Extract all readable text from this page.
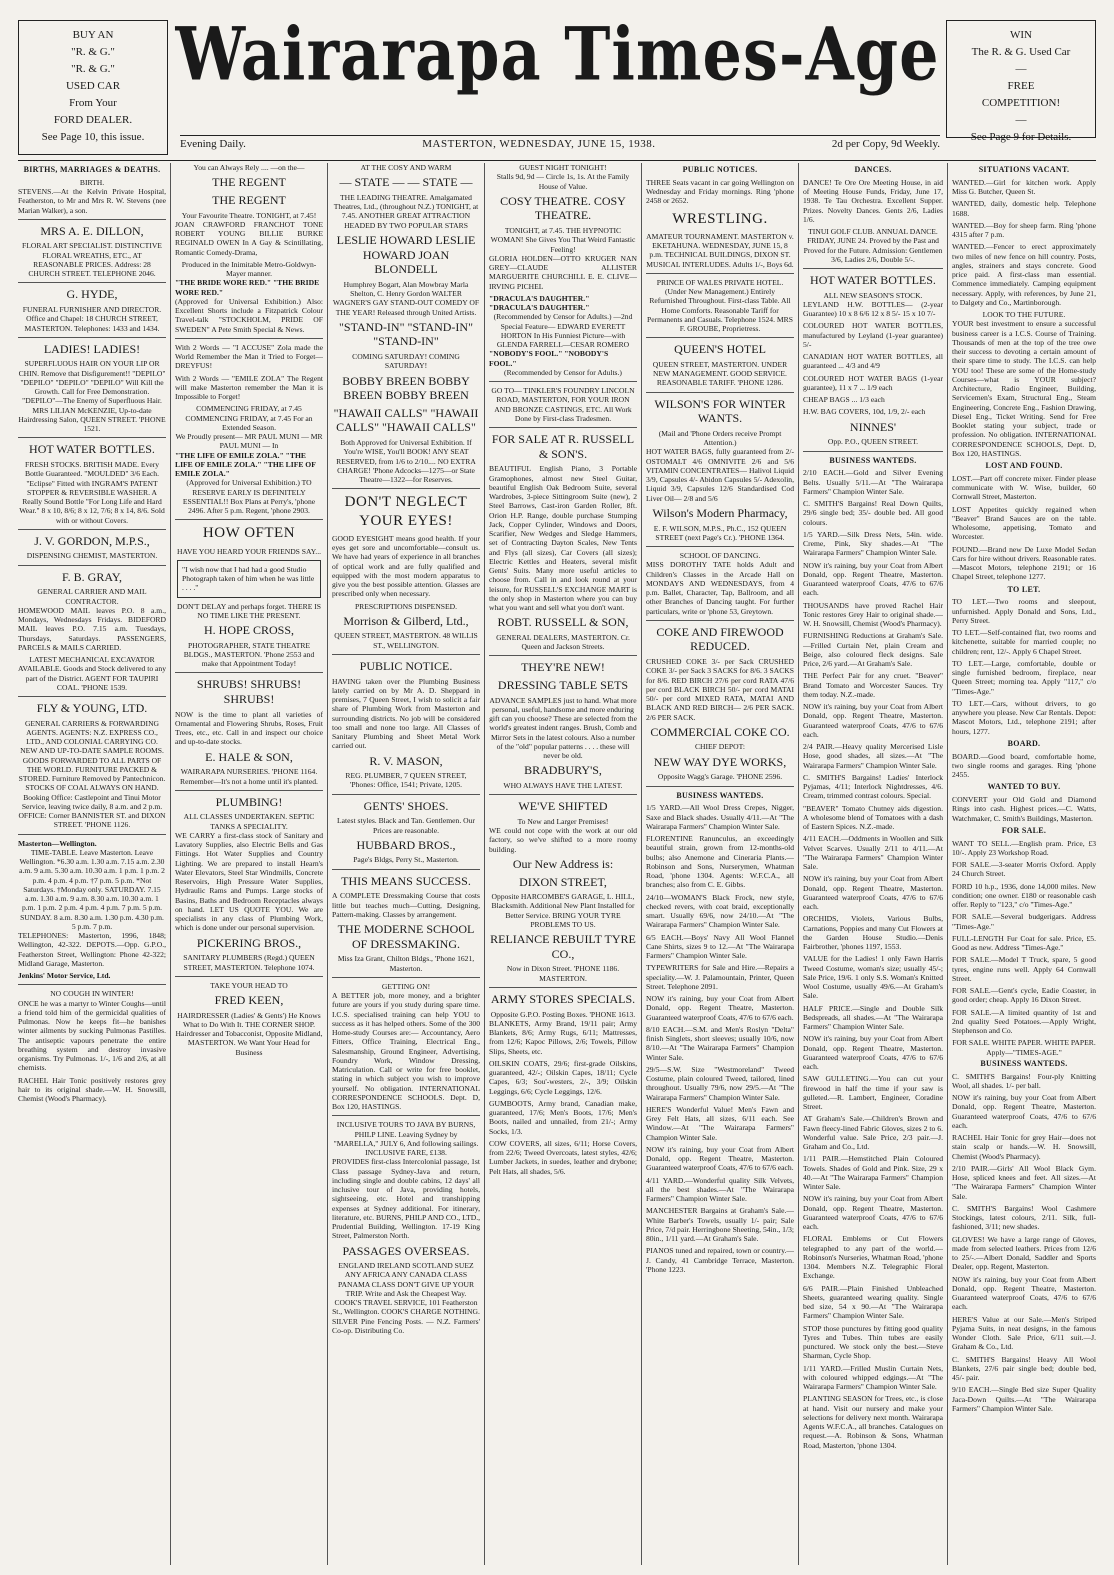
BUY AN
"R. & G."
"R. & G."
USED CAR
From Your
FORD DEALER.
See Page 10, this issue.
Wairarapa Times-Age	WIN
The R. & G. Used Car
—
FREE
COMPETITION!
—
See Page 9 for Details.
Evening Daily.	MASTERTON, WEDNESDAY, JUNE 15, 1938.	2d per Copy, 9d Weekly.
BIRTHS, MARRIAGES & DEATHS.
BIRTH.

STEVENS.—At the Kelvin Private Hospital, Featherston, to Mr and Mrs R. W. Stevens (nee Marian Walker), a son.

MRS A. E. DILLON,
FLORAL ART SPECIALIST. DISTINCTIVE FLORAL WREATHS, ETC., AT REASONABLE PRICES. Address: 28 CHURCH STREET. TELEPHONE 2046.
G. HYDE,
FUNERAL FURNISHER AND DIRECTOR. Office and Chapel: 18 CHURCH STREET, MASTERTON. Telephones: 1433 and 1434.
LADIES! LADIES!
SUPERFLUOUS HAIR ON YOUR LIP OR CHIN. Remove that Disfigurement!! "DEPILO" "DEPILO" "DEPILO" "DEPILO" Will Kill the Growth. Call for Free Demonstration. "DEPILO"—The Enemy of Superfluous Hair. MRS LILIAN McKENZIE, Up-to-date Hairdressing Salon, QUEEN STREET. 'PHONE 1521.
HOT WATER BOTTLES.
FRESH STOCKS. BRITISH MADE. Every Bottle Guaranteed. "MOULDED" 3/6 Each. "Eclipse" Fitted with INGRAM'S PATENT STOPPER & REVERSIBLE WASHER. A Really Sound Bottle "For Long Life and Hard Wear." 8 x 10, 8/6; 8 x 12, 7/6; 8 x 14, 8/6. Sold with or without Covers.
J. V. GORDON, M.P.S.,
DISPENSING CHEMIST, MASTERTON.
F. B. GRAY,
GENERAL CARRIER AND MAIL CONTRACTOR.

HOMEWOOD MAIL leaves P.O. 8 a.m., Mondays, Wednesdays Fridays. BIDEFORD MAIL leaves P.O. 7.15 a.m. Tuesdays, Thursdays, Saturdays. PASSENGERS, PARCELS & MAILS CARRIED.

LATEST MECHANICAL EXCAVATOR AVAILABLE. Goods and Stock delivered to any part of the District. AGENT FOR TAUPIRI COAL. 'PHONE 1539.
FLY & YOUNG, LTD.
GENERAL CARRIERS & FORWARDING AGENTS. AGENTS: N.Z. EXPRESS CO., LTD., AND COLONIAL CARRYING CO. NEW AND UP-TO-DATE SAMPLE ROOMS. GOODS FORWARDED TO ALL PARTS OF THE WORLD. FURNITURE PACKED & STORED. Furniture Removed by Pantechnicon.
STOCKS OF COAL ALWAYS ON HAND. Booking Office: Castlepoint and Tinui Motor Service, leaving twice daily, 8 a.m. and 2 p.m. OFFICE: Corner BANNISTER ST. and DIXON STREET. 'PHONE 1126.
Masterton—Wellington.
TIME-TABLE. Leave Masterton. Leave Wellington. *6.30 a.m. 1.30 a.m. 7.15 a.m. 2.30 a.m. 9 a.m. 5.30 a.m. 10.30 a.m. 1 p.m. 1 p.m. 2 p.m. 4 p.m. 4 p.m. †7 p.m. 5 p.m. *Not Saturdays. †Monday only. SATURDAY. 7.15 a.m. 1.30 a.m. 9 a.m. 8.30 a.m. 10.30 a.m. 1 p.m. 1 p.m. 2 p.m. 4 p.m. 4 p.m. 7 p.m. 5 p.m. SUNDAY. 8 a.m. 8.30 a.m. 1.30 p.m. 4.30 p.m. 5 p.m. 7 p.m.

TELEPHONES: Masterton, 1996, 1848; Wellington, 42-322. DEPOTS.—Opp. G.P.O., Featherston Street, Wellington: Phone 42-322; Midland Garage, Masterton.

Jenkins' Motor Service, Ltd.
NO COUGH IN WINTER!

ONCE he was a martyr to Winter Coughs—until a friend told him of the germicidal qualities of Pulmonas. Now he keeps fit—he banishes winter ailments by sucking Pulmonas Pastilles. The antiseptic vapours penetrate the entire breathing system and destroy invasive organisms. Try Pulmonas. 1/-, 1/6 and 2/6, at all chemists.

RACHEL Hair Tonic positively restores grey hair to its original shade.—W. H. Snowsill, Chemist (Wood's Pharmacy).

You can Always Rely .... —on the—
THE REGENT
THE REGENT
Your Favourite Theatre. TONIGHT, at 7.45!

JOAN CRAWFORD FRANCHOT TONE ROBERT YOUNG BILLIE BURKE REGINALD OWEN In A Gay & Scintillating, Romantic Comedy-Drama,

Produced in the Inimitable Metro-Goldwyn-Mayer manner.
"THE BRIDE WORE RED." "THE BRIDE WORE RED."

(Approved for Universal Exhibition.) Also: Excellent Shorts include a Fitzpatrick Colour Travel-talk "STOCKHOLM, PRIDE OF SWEDEN" A Pete Smith Special & News.

With 2 Words — "I ACCUSE" Zola made the World Remember the Man it Tried to Forget— DREYFUS!

With 2 Words — "EMILE ZOLA" The Regent will make Masterton remember the Man it is Impossible to Forget!

COMMENCING FRIDAY, at 7.45 COMMENCING FRIDAY, at 7.45 For an Extended Season.
We Proudly present— MR PAUL MUNI — MR PAUL MUNI — In
"THE LIFE OF EMILE ZOLA." "THE LIFE OF EMILE ZOLA." "THE LIFE OF EMILE ZOLA."
(Approved for Universal Exhibition.) TO RESERVE EARLY IS DEFINITELY ESSENTIAL!! Box Plans at Perry's, 'phone 2496. After 5 p.m. Regent, 'phone 2903.
HOW OFTEN
HAVE YOU HEARD YOUR FRIENDS SAY...
"I wish now that I had had a good Studio Photograph taken of him when he was little . . . ."
DON'T DELAY and perhaps forget. THERE IS NO TIME LIKE THE PRESENT.
H. HOPE CROSS,
PHOTOGRAPHER, STATE THEATRE BLDGS., MASTERTON. 'Phone 2553 and make that Appointment Today!
SHRUBS! SHRUBS! SHRUBS!

NOW is the time to plant all varieties of Ornamental and Flowering Shrubs, Roses, Fruit Trees, etc., etc. Call in and inspect our choice and up-to-date stocks.

E. HALE & SON,
WAIRARAPA NURSERIES. 'PHONE 1164. Remember—It's not a home until it's planted.
PLUMBING!
ALL CLASSES UNDERTAKEN. SEPTIC TANKS A SPECIALITY.

WE CARRY a first-class stock of Sanitary and Lavatory Supplies, also Electric Bells and Gas Fittings. Hot Water Supplies and Country Lighting. We are prepared to install Hearn's Water Elevators, Steel Star Windmills, Concrete Reservoirs, High Pressure Water Supplies, Hydraulic Rams and Pumps. Large stocks of Basins, Baths and Bedroom Receptacles always on hand. LET US QUOTE YOU. We are specialists in any class of Plumbing Work, which is done under our personal supervision.

PICKERING BROS.,
SANITARY PLUMBERS (Regd.) QUEEN STREET, MASTERTON. Telephone 1074.
TAKE YOUR HEAD TO
FRED KEEN,
HAIRDRESSER (Ladies' & Gents') He Knows What to Do With It. THE CORNER SHOP. Hairdresser and Tobacconist, Opposite Midland, MASTERTON. We Want Your Head for Business
AT THE COSY AND WARM
— STATE — — STATE —
THE LEADING THEATRE. Amalgamated Theatres, Ltd., (throughout N.Z.) TONIGHT, at 7.45. ANOTHER GREAT ATTRACTION HEADED BY TWO POPULAR STARS
LESLIE HOWARD LESLIE HOWARD JOAN BLONDELL
Humphrey Bogart, Alan Mowbray Marla Shelton, C. Henry Gordon WALTER WAGNER'S GAY STAND-OUT COMEDY OF THE YEAR! Released through United Artists.
"STAND-IN" "STAND-IN" "STAND-IN"
COMING SATURDAY! COMING SATURDAY!
BOBBY BREEN BOBBY BREEN BOBBY BREEN
"HAWAII CALLS" "HAWAII CALLS" "HAWAII CALLS"
Both Approved for Universal Exhibition. If You're WISE, You'll BOOK! ANY SEAT RESERVED, from 1/6 to 2/10.... NO EXTRA CHARGE! 'Phone Adcocks—1275—or State Theatre—1322—for Reserves.
DON'T NEGLECT YOUR EYES!

GOOD EYESIGHT means good health. If your eyes get sore and uncomfortable—consult us. We have had years of experience in all branches of optical work and are fully qualified and equipped with the most modern apparatus to give you the best possible attention. Glasses are prescribed only when necessary.

PRESCRIPTIONS DISPENSED.
Morrison & Gilberd, Ltd.,
QUEEN STREET, MASTERTON. 48 WILLIS ST., WELLINGTON.
PUBLIC NOTICE.

HAVING taken over the Plumbing Business lately carried on by Mr A. D. Sheppard in premises, 7 Queen Street, I wish to solicit a fair share of Plumbing Work from Masterton and surrounding districts. No job will be considered too small and none too large. All Classes of Sanitary Plumbing and Sheet Metal Work carried out.

R. V. MASON,
REG. PLUMBER, 7 QUEEN STREET, 'Phones: Office, 1541; Private, 1205.
GENTS' SHOES.
Latest styles. Black and Tan. Gentlemen. Our Prices are reasonable.
HUBBARD BROS.,
Page's Bldgs, Perry St., Masterton.
THIS MEANS SUCCESS.

A COMPLETE Dressmaking Course that costs little but teaches much—Cutting, Designing, Pattern-making. Classes by arrangement.

THE MODERNE SCHOOL OF DRESSMAKING.
Miss Iza Grant, Chilton Bldgs., 'Phone 1621, Masterton.
GETTING ON!

A BETTER job, more money, and a brighter future are yours if you study during spare time. I.C.S. specialised training can help YOU to success as it has helped others. Some of the 300 Home-study Courses are:— Accountancy, Aero Fitters, Office Training, Electrical Eng., Salesmanship, Ground Engineer, Advertising, Foundry Work, Window Dressing, Matriculation. Call or write for free booklet, stating in which subject you wish to improve yourself. No obligation. INTERNATIONAL CORRESPONDENCE SCHOOLS. Dept. D, Box 120, HASTINGS.

INCLUSIVE TOURS TO JAVA BY BURNS, PHILP LINE. Leaving Sydney by "MARELLA," JULY 6, And following sailings. INCLUSIVE FARE, £138.

PROVIDES first-class Intercolonial passage, 1st Class passage Sydney-Java and return, including single and double cabins, 12 days' all inclusive tour of Java, providing hotels, sightseeing, etc. Hotel and transhipping expenses at Sydney additional. For itinerary, literature, etc. BURNS, PHILP AND CO., LTD., Prudential Building, Wellington. 17-19 King Street, Palmerston North.

PASSAGES OVERSEAS.
ENGLAND IRELAND SCOTLAND SUEZ ANY AFRICA ANY CANADA CLASS PANAMA CLASS DON'T GIVE UP YOUR TRIP. Write and Ask the Cheapest Way. COOK'S TRAVEL SERVICE, 101 Featherston St., Wellington. COOK'S CHARGE NOTHING.

SILVER Pine Fencing Posts. — N.Z. Farmers' Co-op. Distributing Co.

GUEST NIGHT TONIGHT!
Stalls 9d, 9d — Circle 1s, 1s. At the Family House of Value.
COSY THEATRE. COSY THEATRE.
TONIGHT, at 7.45. THE HYPNOTIC WOMAN! She Gives You That Weird Fantastic Feeling!

GLORIA HOLDEN—OTTO KRUGER NAN GREY—CLAUDE ALLISTER MARGUERITE CHURCHILL E. E. CLIVE—IRVING PICHEL

"DRACULA'S DAUGHTER." "DRACULA'S DAUGHTER."
(Recommended by Censor for Adults.) —2nd Special Feature— EDWARD EVERETT HORTON In His Funniest Picture—with GLENDA FARRELL—CESAR ROMERO
"NOBODY'S FOOL." "NOBODY'S FOOL."
(Recommended by Censor for Adults.)
GO TO— TINKLER'S FOUNDRY LINCOLN ROAD, MASTERTON, FOR YOUR IRON AND BRONZE CASTINGS, ETC. All Work Done by First-class Tradesmen.
FOR SALE AT R. RUSSELL & SON'S.

BEAUTIFUL English Piano, 3 Portable Gramophones, almost new Steel Guitar, beautiful English Oak Bedroom Suite, several Wardrobes, 3-piece Sittingroom Suite (new), 2 Steel Barrows, Cast-iron Garden Roller, 8ft. Orion H.P. Range, double purchase Stumping Jack, Copper Cylinder, Windows and Doors, Scarifier, New Wedges and Sledge Hammers, set of Contracting Dayton Scales, New Tents and Flys (all sizes), Car Covers (all sizes); Electric Kettles and Heaters, several misfit Gents' Suits. Many more useful articles to choose from. Call in and look round at your leisure, for RUSSELL'S EXCHANGE MART is the only shop in Masterton where you can buy what you want and sell what you don't want.

ROBT. RUSSELL & SON,
GENERAL DEALERS, MASTERTON. Cr. Queen and Jackson Streets.
THEY'RE NEW!
DRESSING TABLE SETS
ADVANCE SAMPLES just to hand. What more personal, useful, handsome and more enduring gift can you choose? These are selected from the world's greatest indent ranges. Brush, Comb and Mirror Sets in the latest colours. Also a number of the "old" popular patterns . . . . these will never be old.
BRADBURY'S,
WHO ALWAYS HAVE THE LATEST.
WE'VE SHIFTED
To New and Larger Premises!

WE could not cope with the work at our old factory, so we've shifted to a more roomy building.

Our New Address is:
DIXON STREET,
Opposite HARCOMBE'S GARAGE, L. HILL, Blacksmith. Additional New Plant Installed for Better Service. BRING YOUR TYRE PROBLEMS TO US.
RELIANCE REBUILT TYRE CO.,
Now in Dixon Street. 'PHONE 1186. MASTERTON.
ARMY STORES SPECIALS.
Opposite G.P.O. Posting Boxes. 'PHONE 1613.

BLANKETS, Army Brand, 19/11 pair; Army Blankets, 8/6; Army Rugs, 6/11; Mattresses, from 12/6; Kapoc Pillows, 2/6; Towels, Pillow Slips, Sheets, etc.

OILSKIN COATS, 29/6; first-grade Oilskins, guaranteed, 42/-; Oilskin Capes, 18/11; Cycle Capes, 6/3; Sou'-westers, 2/-, 3/9; Oilskin Leggings, 6/6; Cycle Leggings, 12/6.

GUMBOOTS, Army brand, Canadian make, guaranteed, 17/6; Men's Boots, 17/6; Men's Boots, nailed and unnailed, from 21/-; Army Socks, 1/3.

COW COVERS, all sizes, 6/11; Horse Covers, from 22/6; Tweed Overcoats, latest styles, 42/6; Lumber Jackets, in suedes, leather and drybone; Pelt Hats, all shades, 5/6.

PUBLIC NOTICES.

THREE Seats vacant in car going Wellington on Wednesday and Friday mornings. Ring 'phone 2458 or 2652.

WRESTLING.
AMATEUR TOURNAMENT. MASTERTON v. EKETAHUNA. WEDNESDAY, JUNE 15, 8 p.m. TECHNICAL BUILDINGS, DIXON ST. MUSICAL INTERLUDES. Adults 1/-, Boys 6d.
PRINCE OF WALES PRIVATE HOTEL. (Under New Management.) Entirely Refurnished Throughout. First-class Table. All Home Comforts. Reasonable Tariff for Permanents and Casuals. Telephone 1524. MRS F. GROUBE, Proprietress.
QUEEN'S HOTEL
QUEEN STREET, MASTERTON. UNDER NEW MANAGEMENT. GOOD SERVICE. REASONABLE TARIFF. 'PHONE 1286.
WILSON'S FOR WINTER WANTS.
(Mail and 'Phone Orders receive Prompt Attention.)

HOT WATER BAGS, fully guaranteed from 2/- OSTOMALT 4/6 OMNIVITE 2/6 and 5/6 VITAMIN CONCENTRATES— Halivol Liquid 3/9, Capsules 4/- Abidon Capsules 5/- Adexolin, Liquid 3/9, Capsules 12/6 Standardised Cod Liver Oil— 2/8 and 5/6

Wilson's Modern Pharmacy,
E. F. WILSON, M.P.S., Ph.C., 152 QUEEN STREET (next Page's Cr.). 'PHONE 1364.
SCHOOL OF DANCING.

MISS DOROTHY TATE holds Adult and Children's Classes in the Arcade Hall on MONDAYS AND WEDNESDAYS, from 4 p.m. Ballet, Character, Tap, Ballroom, and all other Branches of Dancing taught. For further particulars, write or 'phone 53, Greytown.

COKE AND FIREWOOD REDUCED.

CRUSHED COKE 3/- per Sack CRUSHED COKE 3/- per Sack 3 SACKS for 8/6. 3 SACKS for 8/6. RED BIRCH 27/6 per cord RATA 47/6 per cord BLACK BIRCH 50/- per cord MATAI 50/- per cord MIXED RATA, MATAI AND BLACK AND RED BIRCH— 2/6 PER SACK. 2/6 PER SACK.

COMMERCIAL COKE CO.
CHIEF DEPOT:
NEW WAY DYE WORKS,
Opposite Wagg's Garage. 'PHONE 2596.
BUSINESS WANTEDS.

1/5 YARD.—All Wool Dress Crepes, Nigger, Saxe and Black shades. Usually 4/11.—At "The Wairarapa Farmers" Champion Winter Sale.

FLORENTINE Ranunculus, an exceedingly beautiful strain, grown from 12-months-old bulbs; also Anemone and Cineraria Plants.—Robinson and Sons, Nurserymen, Whatman Road, 'phone 1304. Agents: W.F.C.A., all branches; also from C. E. Gibbs.

24/10—WOMAN'S Black Frock, new style, checked revers, with coat braid, exceptionally smart. Usually 69/6, now 24/10.—At "The Wairarapa Farmers" Champion Winter Sale.

6/5 EACH.—Boys' Navy All Wool Flannel Cane Shirts, sizes 9 to 12.—At "The Wairarapa Farmers" Champion Winter Sale.

TYPEWRITERS for Sale and Hire.—Repairs a speciality.—W. J. Palamountain, Printer, Queen Street. Telephone 2091.

NOW it's raining, buy your Coat from Albert Donald, opp. Regent Theatre, Masterton. Guaranteed waterproof Coats, 47/6 to 67/6 each.

8/10 EACH.—S.M. and Men's Roslyn "Delta" finish Singlets, short sleeves; usually 10/6, now 8/10.—At "The Wairarapa Farmers" Champion Winter Sale.

29/5—S.W. Size "Westmoreland" Tweed Costume, plain coloured Tweed, tailored, lined throughout. Usually 79/6, now 29/5.—At "The Wairarapa Farmers" Champion Winter Sale.

HERE'S Wonderful Value! Men's Fawn and Grey Felt Hats, all sizes, 6/11 each. See Window.—At "The Wairarapa Farmers" Champion Winter Sale.

NOW it's raining, buy your Coat from Albert Donald, opp. Regent Theatre, Masterton. Guaranteed waterproof Coats, 47/6 to 67/6 each.

4/11 YARD.—Wonderful quality Silk Velvets, all the best shades.—At "The Wairarapa Farmers" Champion Winter Sale.

MANCHESTER Bargains at Graham's Sale.—White Barber's Towels, usually 1/- pair; Sale Price, 7/d pair. Herringbone Sheeting, 54in., 1/3; 80in., 1/11 yard.—At Graham's Sale.

PIANOS tuned and repaired, town or country.—J. Candy, 41 Cambridge Terrace, Masterton. 'Phone 1223.

DANCES.

DANCE! Te Ore Ore Meeting House, in aid of Meeting House Funds, Friday, June 17, 1938. Te Tau Orchestra. Excellent Supper. Prizes. Novelty Dances. Gents 2/6, Ladies 1/6.

TINUI GOLF CLUB. ANNUAL DANCE. FRIDAY, JUNE 24. Proved by the Past and Proved for the Future. Admission: Gentlemen 3/6, Ladies 2/6, Double 5/-.
HOT WATER BOTTLES.
ALL NEW SEASON'S STOCK.

LEYLAND H.W. BOTTLES— (2-year Guarantee) 10 x 8 6/6 12 x 8 5/- 15 x 10 7/-

COLOURED HOT WATER BOTTLES, manufactured by Leyland (1-year guarantee) 5/-

CANADIAN HOT WATER BOTTLES, all guaranteed ... 4/3 and 4/9

COLOURED HOT WATER BAGS (1-year guarantee), 11 x 7 ... 1/9 each

CHEAP BAGS ... 1/3 each

H.W. BAG COVERS, 10d, 1/9, 2/- each

NINNES'
Opp. P.O., QUEEN STREET.
BUSINESS WANTEDS.

2/10 EACH.—Gold and Silver Evening Belts. Usually 5/11.—At "The Wairarapa Farmers" Champion Winter Sale.

C. SMITH'S Bargains! Real Down Quilts, 29/6 single bed; 35/- double bed. All good colours.

1/5 YARD.—Silk Dress Nets, 54in. wide. Creme, Pink, Sky shades.—At "The Wairarapa Farmers" Champion Winter Sale.

NOW it's raining, buy your Coat from Albert Donald, opp. Regent Theatre, Masterton. Guaranteed waterproof Coats, 47/6 to 67/6 each.

THOUSANDS have proved Rachel Hair Tonic restores Grey Hair to original shade.—W. H. Snowsill, Chemist (Wood's Pharmacy).

FURNISHING Reductions at Graham's Sale.—Frilled Curtain Net, plain Cream and Beige, also coloured fleck designs. Sale Price, 2/6 yard.—At Graham's Sale.

THE Perfect Pair for any cruet. "Beaver" Brand Tomato and Worcester Sauces. Try them today. N.Z.-made.

NOW it's raining, buy your Coat from Albert Donald, opp. Regent Theatre, Masterton. Guaranteed waterproof Coats, 47/6 to 67/6 each.

2/4 PAIR.—Heavy quality Mercerised Lisle Hose, good shades, all sizes.—At "The Wairarapa Farmers" Champion Winter Sale.

C. SMITH'S Bargains! Ladies' Interlock Pyjamas, 4/11; Interlock Nightdresses, 4/6. Cream, trimmed contrast colours. Special.

"BEAVER" Tomato Chutney aids digestion. A wholesome blend of Tomatoes with a dash of Eastern Spices. N.Z.-made.

4/11 EACH.—Oddments in Woollen and Silk Velvet Scarves. Usually 2/11 to 4/11.—At "The Wairarapa Farmers" Champion Winter Sale.

NOW it's raining, buy your Coat from Albert Donald, opp. Regent Theatre, Masterton. Guaranteed waterproof Coats, 47/6 to 67/6 each.

ORCHIDS, Violets, Various Bulbs, Carnations, Poppies and many Cut Flowers at the Garden House Studio.—Denis Fairbrother, 'phones 1197, 1553.

VALUE for the Ladies! 1 only Fawn Harris Tweed Costume, woman's size; usually 45/-; Sale Price, 19/6. 1 only S.S. Woman's Knitted Wool Costume, usually 49/6.—At Graham's Sale.

HALF PRICE.—Single and Double Silk Bedspreads, all shades.—At "The Wairarapa Farmers" Champion Winter Sale.

NOW it's raining, buy your Coat from Albert Donald, opp. Regent Theatre, Masterton. Guaranteed waterproof Coats, 47/6 to 67/6 each.

SAW GULLETING.—You can cut your firewood in half the time if your saw is gulleted.—R. Lambert, Engineer, Coradine Street.

AT Graham's Sale.—Children's Brown and Fawn fleecy-lined Fabric Gloves, sizes 2 to 6. Wonderful value. Sale Price, 2/3 pair.—J. Graham and Co., Ltd.

1/11 PAIR.—Hemstitched Plain Coloured Towels. Shades of Gold and Pink. Size, 29 x 40.—At "The Wairarapa Farmers" Champion Winter Sale.

NOW it's raining, buy your Coat from Albert Donald, opp. Regent Theatre, Masterton. Guaranteed waterproof Coats, 47/6 to 67/6 each.

FLORAL Emblems or Cut Flowers telegraphed to any part of the world.—Robinson's Nurseries, Whatman Road, 'phone 1304. Members N.Z. Telegraphic Floral Exchange.

6/6 PAIR.—Plain Finished Unbleached Sheets, guaranteed wearing quality. Single bed size, 54 x 90.—At "The Wairarapa Farmers" Champion Winter Sale.

STOP those punctures by fitting good quality Tyres and Tubes. Thin tubes are easily punctured. We stock only the best.—Steve Sharman, Cycle Shop.

1/11 YARD.—Frilled Muslin Curtain Nets, with coloured whipped edgings.—At "The Wairarapa Farmers" Champion Winter Sale.

PLANTING SEASON for Trees, etc., is close at hand. Visit our nursery and make your selections for delivery next month. Wairarapa Agents W.F.C.A., all branches. Catalogues on request.—A. Robinson & Sons, Whatman Road, Masterton, 'phone 1304.

SITUATIONS VACANT.

WANTED.—Girl for kitchen work. Apply Miss G. Butcher, Queen St.

WANTED, daily, domestic help. Telephone 1688.

WANTED.—Boy for sheep farm. Ring 'phone 4315 after 7 p.m.

WANTED.—Fencer to erect approximately two miles of new fence on hill country. Posts, angles, strainers and stays concrete. Good price paid. A first-class man essential. Commence immediately. Camping equipment necessary. Apply, with references, by June 21, to Dalgety and Co., Martinborough.

LOOK TO THE FUTURE.

YOUR best investment to ensure a successful business career is a I.C.S. Course of Training. Thousands of men at the top of the tree owe their success to devoting a certain amount of their spare time to study. The I.C.S. can help YOU too! These are some of the Home-study Courses—what is YOUR subject? Architecture, Radio Engineer, Building, Servicemen's Exam, Structural Eng., Steam Engineering, Concrete Eng., Fashion Drawing, Diesel Eng., Ticket Writing. Send for Free Booklet stating your subject, trade or profession. No obligation. INTERNATIONAL CORRESPONDENCE SCHOOLS, Dept. D, Box 120, HASTINGS.

LOST AND FOUND.

LOST.—Part off concrete mixer. Finder please communicate with W. Wise, builder, 60 Cornwall Street, Masterton.

LOST Appetites quickly regained when "Beaver" Brand Sauces are on the table. Wholesome, appetising, Tomato and Worcester.

FOUND.—Brand new De Luxe Model Sedan Cars for hire without drivers. Reasonable rates.—Mascot Motors, telephone 2191; or 16 Chapel Street, telephone 1277.

TO LET.

TO LET.—Two rooms and sleepout, unfurnished. Apply Donald and Sons, Ltd., Perry Street.

TO LET.—Self-contained flat, two rooms and kitchenette, suitable for married couple; no children; rent, 12/-. Apply 6 Chapel Street.

TO LET.—Large, comfortable, double or single furnished bedroom, fireplace, near Queen Street; morning tea. Apply "117," c/o "Times-Age."

TO LET.—Cars, without drivers, to go anywhere you please. New Car Rentals. Depot: Mascot Motors, Ltd., telephone 2191; after hours, 1277.

BOARD.

BOARD.—Good board, comfortable home, two single rooms and garages. Ring 'phone 2455.

WANTED TO BUY.

CONVERT your Old Gold and Diamond Rings into cash. Highest prices.—C. Watts, Watchmaker, C. Smith's Buildings, Masterton.

FOR SALE.

WANT TO SELL.—English pram. Price, £3 10/-. Apply 23 Workshop Road.

FOR SALE.—3-seater Morris Oxford. Apply 24 Church Street.

FORD 10 h.p., 1936, done 14,000 miles. New condition; one owner. £180 or reasonable cash offer. Reply to "123," c/o "Times-Age."

FOR SALE.—Several budgerigars. Address "Times-Age."

FULL-LENGTH Fur Coat for sale. Price, £5. Good as new. Address "Times-Age."

FOR SALE.—Model T Truck, spare, 5 good tyres, engine runs well. Apply 64 Cornwall Street.

FOR SALE.—Gent's cycle, Eadie Coaster, in good order; cheap. Apply 16 Dixon Street.

FOR SALE.—A limited quantity of 1st and 2nd quality Seed Potatoes.—Apply Wright, Stephenson and Co.

FOR SALE. WHITE PAPER. WHITE PAPER. Apply—"TIMES-AGE."
BUSINESS WANTEDS.

C. SMITH'S Bargains! Four-ply Knitting Wool, all shades. 1/- per ball.

NOW it's raining, buy your Coat from Albert Donald, opp. Regent Theatre, Masterton. Guaranteed waterproof Coats, 47/6 to 67/6 each.

RACHEL Hair Tonic for grey Hair—does not stain scalp or hands.—W. H. Snowsill, Chemist (Wood's Pharmacy).

2/10 PAIR.—Girls' All Wool Black Gym. Hose, spliced knees and feet. All sizes.—At "The Wairarapa Farmers" Champion Winter Sale.

C. SMITH'S Bargains! Wool Cashmere Stockings, latest colours, 2/11. Silk, full-fashioned, 3/11; new shades.

GLOVES! We have a large range of Gloves, made from selected leathers. Prices from 12/6 to 25/-.—Albert Donald, Saddler and Sports Dealer, opp. Regent, Masterton.

NOW it's raining, buy your Coat from Albert Donald, opp. Regent Theatre, Masterton. Guaranteed waterproof Coats, 47/6 to 67/6 each.

HERE'S Value at our Sale.—Men's Striped Pyjama Suits, in neat designs, in the famous Wonder Cloth. Sale Price, 6/11 suit.—J. Graham & Co., Ltd.

C. SMITH'S Bargains! Heavy All Wool Blankets, 27/6 pair single bed; double bed, 45/- pair.

9/10 EACH.—Single Bed size Super Quality Jaca-Down Quilts.—At "The Wairarapa Farmers" Champion Winter Sale.
